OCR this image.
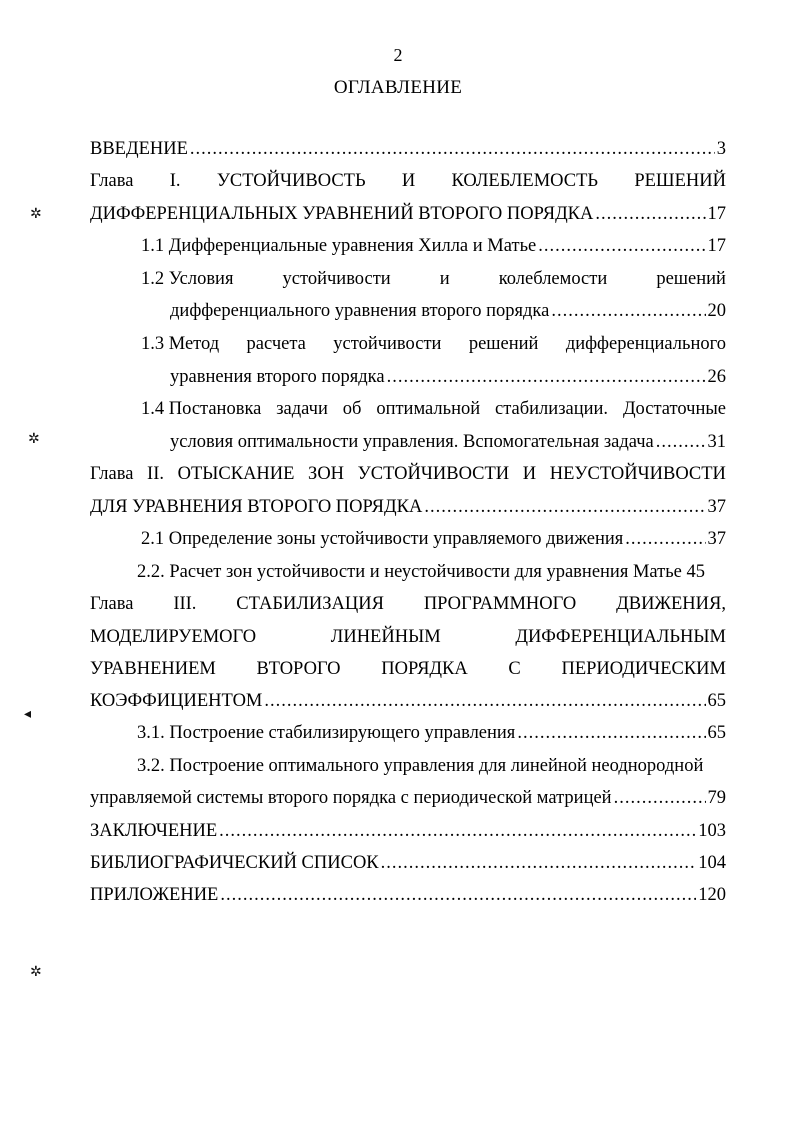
2
ОГЛАВЛЕНИЕ
ВВЕДЕНИЕ .....	3
Глава I. УСТОЙЧИВОСТЬ И КОЛЕБЛЕМОСТЬ РЕШЕНИЙ
ДИФФЕРЕНЦИАЛЬНЫХ УРАВНЕНИЙ ВТОРОГО ПОРЯДКА .....	17
1.1 Дифференциальные уравнения Хилла и Матье .....	17
1.2 Условия	устойчивости	и	колеблемости	решений
дифференциального уравнения второго порядка .....	20
1.3 Метод расчета устойчивости решений дифференциального
уравнения второго порядка .....	26
1.4 Постановка задачи об оптимальной стабилизации. Достаточные
условия оптимальности управления. Вспомогательная задача .....	31
Глава II. ОТЫСКАНИЕ ЗОН УСТОЙЧИВОСТИ И НЕУСТОЙЧИВОСТИ
ДЛЯ УРАВНЕНИЯ ВТОРОГО ПОРЯДКА .....	37
2.1 Определение зоны устойчивости управляемого движения .....	37
2.2. Расчет зон устойчивости и неустойчивости для уравнения Матье 45
Глава III. СТАБИЛИЗАЦИЯ ПРОГРАММНОГО ДВИЖЕНИЯ,
МОДЕЛИРУЕМОГО	ЛИНЕЙНЫМ	ДИФФЕРЕНЦИАЛЬНЫМ
УРАВНЕНИЕМ ВТОРОГО ПОРЯДКА С ПЕРИОДИЧЕСКИМ
КОЭФФИЦИЕНТОМ .....	65
3.1. Построение стабилизирующего управления .....	65
3.2. Построение оптимального управления для линейной неоднородной
управляемой системы второго порядка с периодической матрицей .....	79
ЗАКЛЮЧЕНИЕ .....	103
БИБЛИОГРАФИЧЕСКИЙ СПИСОК .....	104
ПРИЛОЖЕНИЕ .....	120
✲
✲
◂
✲
